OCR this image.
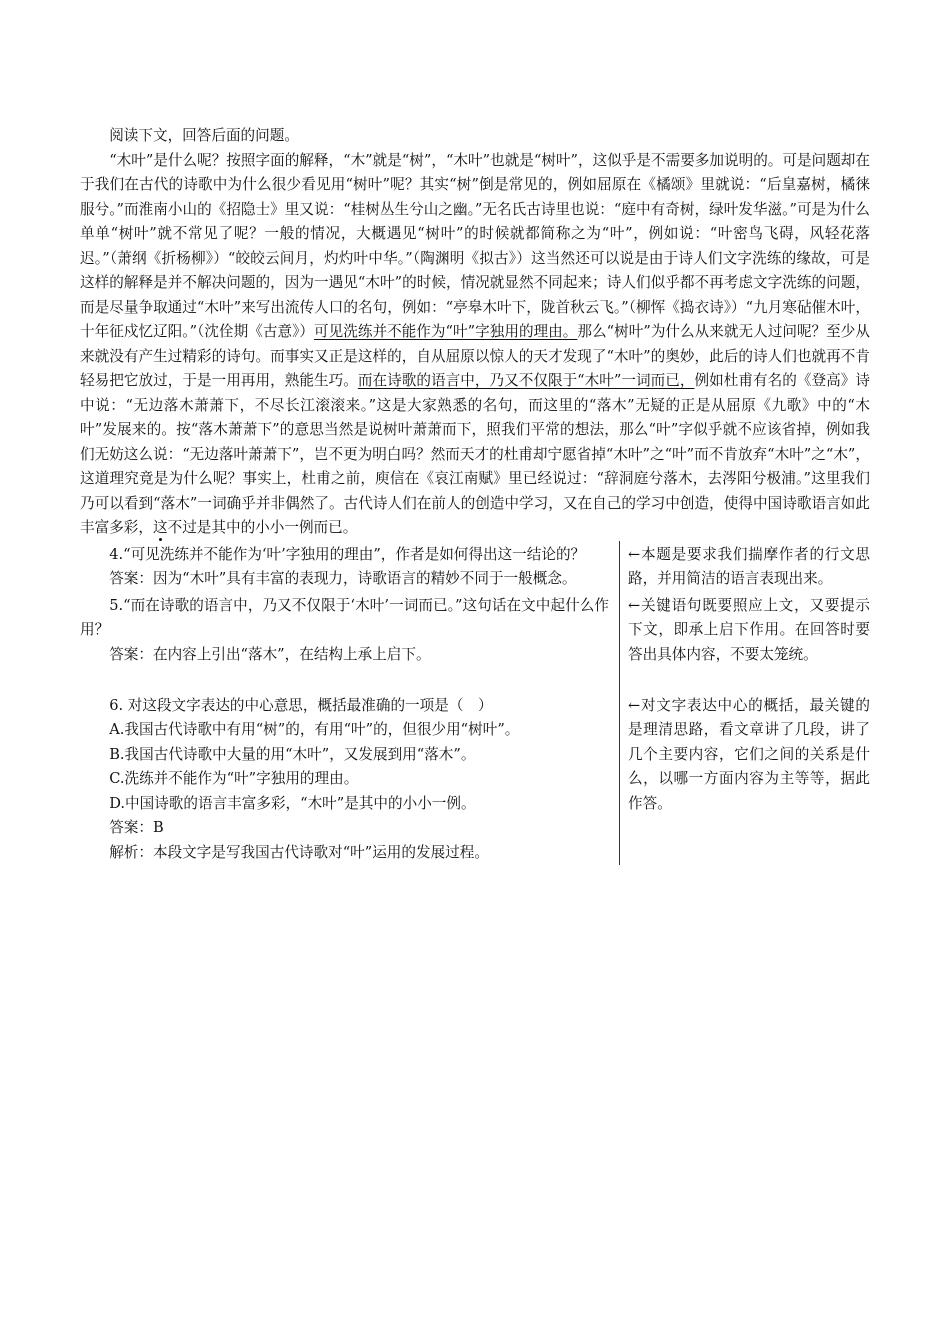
阅读下文，回答后面的问题。

“木叶”是什么呢？按照字面的解释，“木”就是“树”，“木叶”也就是“树叶”，这似乎是不需要多加说明的。可是问题却在于我们在古代的诗歌中为什么很少看见用“树叶”呢？其实“树”倒是常见的，例如屈原在《橘颂》里就说：“后皇嘉树，橘徕服兮。”而淮南小山的《招隐士》里又说：“桂树丛生兮山之幽。”无名氏古诗里也说：“庭中有奇树，绿叶发华滋。”可是为什么单单“树叶”就不常见了呢？一般的情况，大概遇见“树叶”的时候就都简称之为“叶”，例如说：“叶密鸟飞碍，风轻花落迟。”（萧纲《折杨柳》）“皎皎云间月，灼灼叶中华。”（陶渊明《拟古》）这当然还可以说是由于诗人们文字洗练的缘故，可是这样的解释是并不解决问题的，因为一遇见“木叶”的时候，情况就显然不同起来；诗人们似乎都不再考虑文字洗练的问题，而是尽量争取通过“木叶”来写出流传人口的名句，例如：“亭皋木叶下，陇首秋云飞。”（柳恽《捣衣诗》）“九月寒砧催木叶，十年征戍忆辽阳。”（沈佺期《古意》）可见洗练并不能作为“叶”字独用的理由。那么“树叶”为什么从来就无人过问呢？至少从来就没有产生过精彩的诗句。而事实又正是这样的，自从屈原以惊人的天才发现了“木叶”的奥妙，此后的诗人们也就再不肯轻易把它放过，于是一用再用，熟能生巧。而在诗歌的语言中，乃又不仅限于“木叶”一词而已，例如杜甫有名的《登高》诗中说：“无边落木萧萧下，不尽长江滚滚来。”这是大家熟悉的名句，而这里的“落木”无疑的正是从屈原《九歌》中的“木叶”发展来的。按“落木萧萧下”的意思当然是说树叶萧萧而下，照我们平常的想法，那么“叶”字似乎就不应该省掉，例如我们无妨这么说：“无边落叶萧萧下”，岂不更为明白吗？然而天才的杜甫却宁愿省掉“木叶”之“叶”而不肯放弃“木叶”之“木”，这道理究竟是为什么呢？事实上，杜甫之前，庾信在《哀江南赋》里已经说过：“辞洞庭兮落木，去涔阳兮极浦。”这里我们乃可以看到“落木”一词确乎并非偶然了。古代诗人们在前人的创造中学习，又在自己的学习中创造，使得中国诗歌语言如此丰富多彩，这不过是其中的小小一例而已。

4.“可见洗练并不能作为‘叶’字独用的理由”，作者是如何得出这一结论的？

答案：因为“木叶”具有丰富的表现力，诗歌语言的精妙不同于一般概念。

←本题是要求我们揣摩作者的行文思路，并用简洁的语言表现出来。

5.“而在诗歌的语言中，乃又不仅限于‘木叶’一词而已。”这句话在文中起什么作用？

答案：在内容上引出“落木”，在结构上承上启下。

←关键语句既要照应上文，又要提示下文，即承上启下作用。在回答时要答出具体内容，不要太笼统。

6. 对这段文字表达的中心意思，概括最准确的一项是（　）

A.我国古代诗歌中有用“树”的，有用“叶”的，但很少用“树叶”。

B.我国古代诗歌中大量的用“木叶”，又发展到用“落木”。

C.洗练并不能作为“叶”字独用的理由。

D.中国诗歌的语言丰富多彩，“木叶”是其中的小小一例。

答案：B

解析：本段文字是写我国古代诗歌对“叶”运用的发展过程。

←对文字表达中心的概括，最关键的是理清思路，看文章讲了几段，讲了几个主要内容，它们之间的关系是什么，以哪一方面内容为主等等，据此作答。
